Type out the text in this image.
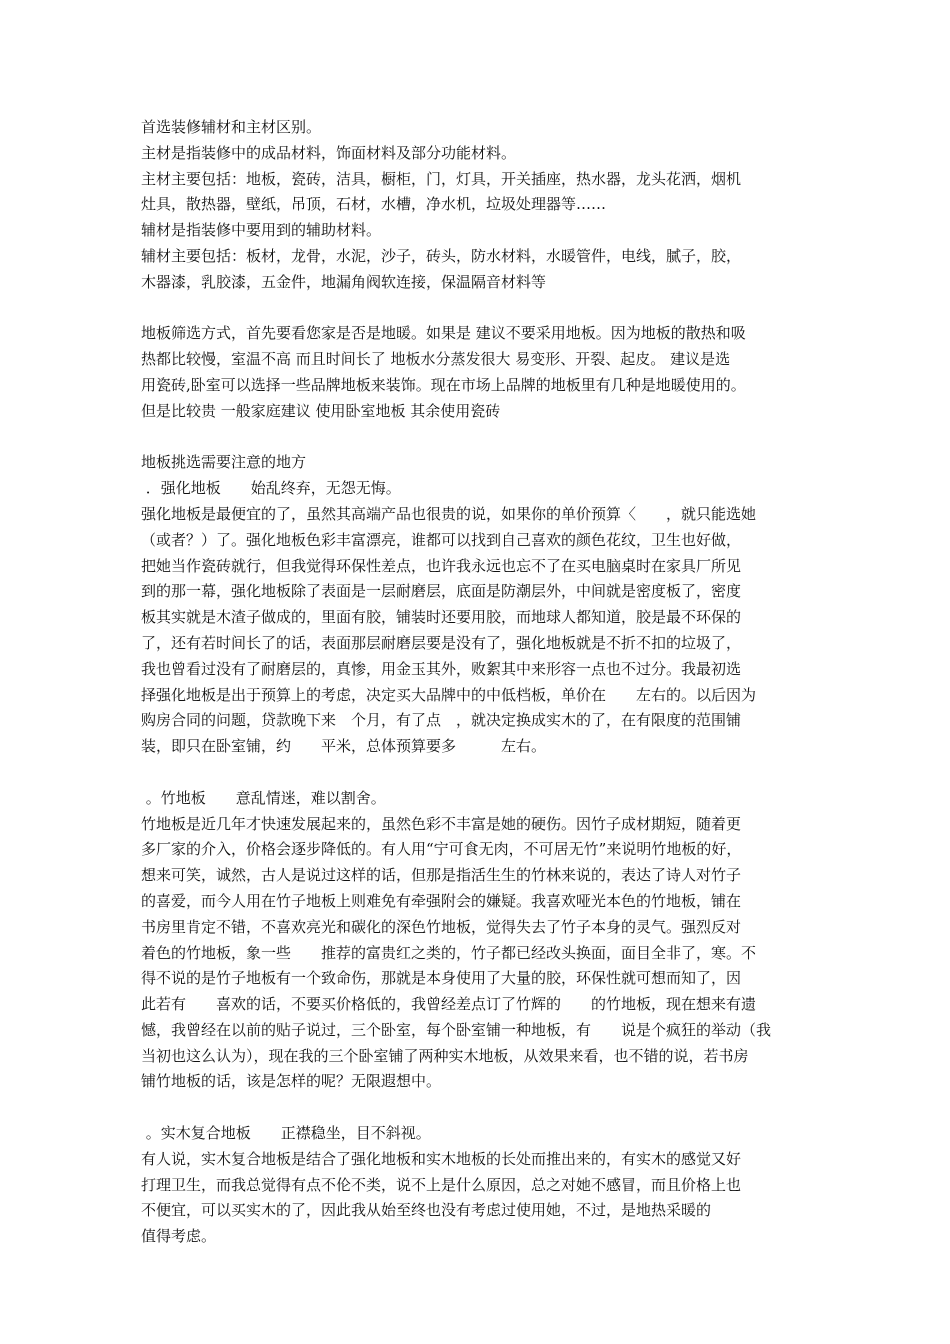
首选装修辅材和主材区别。
主材是指装修中的成品材料，饰面材料及部分功能材料。
主材主要包括：地板，瓷砖，洁具，橱柜，门，灯具，开关插座，热水器，龙头花洒，烟机
灶具，散热器，壁纸，吊顶，石材，水槽，净水机，垃圾处理器等……
辅材是指装修中要用到的辅助材料。
辅材主要包括：板材，龙骨，水泥，沙子，砖头，防水材料，水暖管件，电线，腻子，胶，
木器漆，乳胶漆，五金件，地漏角阀软连接，保温隔音材料等
地板筛选方式，首先要看您家是否是地暖。如果是 建议不要采用地板。因为地板的散热和吸
热都比较慢，室温不高 而且时间长了 地板水分蒸发很大 易变形、开裂、起皮。 建议是选
用瓷砖,卧室可以选择一些品牌地板来装饰。现在市场上品牌的地板里有几种是地暖使用的。
但是比较贵 一般家庭建议 使用卧室地板 其余使用瓷砖
地板挑选需要注意的地方
．强化地板　　始乱终弃，无怨无悔。
强化地板是最便宜的了，虽然其高端产品也很贵的说，如果你的单价预算〈　　，就只能选她
（或者？）了。强化地板色彩丰富漂亮，谁都可以找到自己喜欢的颜色花纹，卫生也好做，
把她当作瓷砖就行，但我觉得环保性差点，也许我永远也忘不了在买电脑桌时在家具厂所见
到的那一幕，强化地板除了表面是一层耐磨层，底面是防潮层外，中间就是密度板了，密度
板其实就是木渣子做成的，里面有胶，铺装时还要用胶，而地球人都知道，胶是最不环保的
了，还有若时间长了的话，表面那层耐磨层要是没有了，强化地板就是不折不扣的垃圾了，
我也曾看过没有了耐磨层的，真惨，用金玉其外，败絮其中来形容一点也不过分。我最初选
择强化地板是出于预算上的考虑，决定买大品牌中的中低档板，单价在　　左右的。以后因为
购房合同的问题，贷款晚下来　个月，有了点　，就决定换成实木的了，在有限度的范围铺
装，即只在卧室铺，约　　平米，总体预算要多　　　左右。
。竹地板　　意乱情迷，难以割舍。
竹地板是近几年才快速发展起来的，虽然色彩不丰富是她的硬伤。因竹子成材期短，随着更
多厂家的介入，价格会逐步降低的。有人用“宁可食无肉，不可居无竹”来说明竹地板的好，
想来可笑，诚然，古人是说过这样的话，但那是指活生生的竹林来说的，表达了诗人对竹子
的喜爱，而今人用在竹子地板上则难免有牵强附会的嫌疑。我喜欢哑光本色的竹地板，铺在
书房里肯定不错，不喜欢亮光和碳化的深色竹地板，觉得失去了竹子本身的灵气。强烈反对
着色的竹地板，象一些　　推荐的富贵红之类的，竹子都已经改头换面，面目全非了，寒。不
得不说的是竹子地板有一个致命伤，那就是本身使用了大量的胶，环保性就可想而知了，因
此若有　　喜欢的话，不要买价格低的，我曾经差点订了竹辉的　　的竹地板，现在想来有遗
憾，我曾经在以前的贴子说过，三个卧室，每个卧室铺一种地板，有　　说是个疯狂的举动（我
当初也这么认为），现在我的三个卧室铺了两种实木地板，从效果来看，也不错的说，若书房
铺竹地板的话，该是怎样的呢？无限遐想中。
。实木复合地板　　正襟稳坐，目不斜视。
有人说，实木复合地板是结合了强化地板和实木地板的长处而推出来的，有实木的感觉又好
打理卫生，而我总觉得有点不伦不类，说不上是什么原因，总之对她不感冒，而且价格上也
不便宜，可以买实木的了，因此我从始至终也没有考虑过使用她，不过，是地热采暖的
值得考虑。
